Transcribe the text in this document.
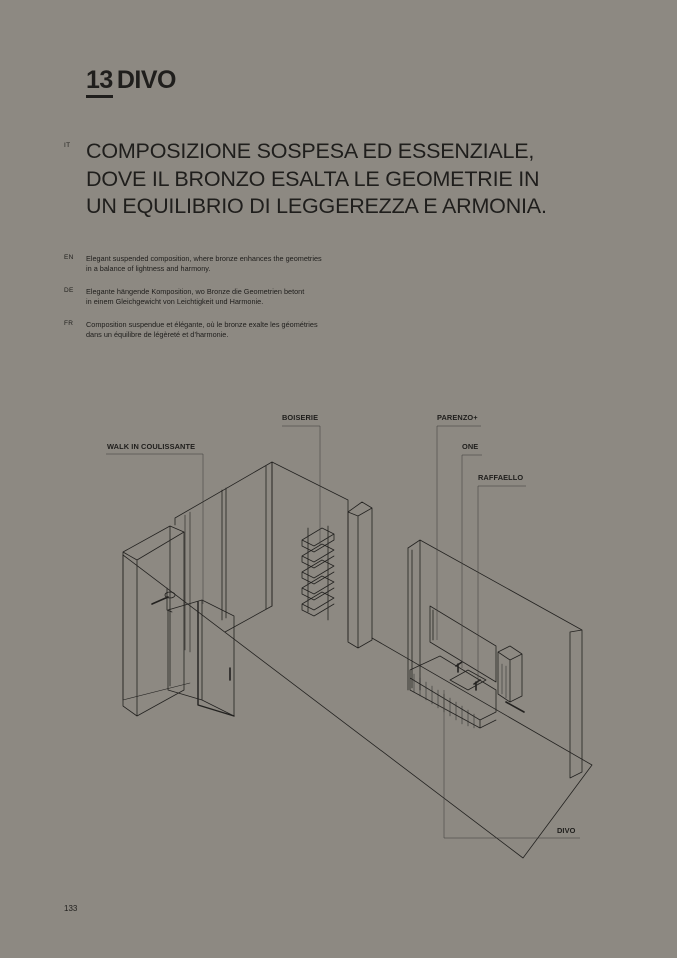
13 DIVO
IT COMPOSIZIONE SOSPESA ED ESSENZIALE, DOVE IL BRONZO ESALTA LE GEOMETRIE IN UN EQUILIBRIO DI LEGGEREZZA E ARMONIA.
EN Elegant suspended composition, where bronze enhances the geometries
in a balance of lightness and harmony.

DE Elegante hängende Komposition, wo Bronze die Geometrien betont
in einem Gleichgewicht von Leichtigkeit und Harmonie.

FR Composition suspendue et élégante, où le bronze exalte les géométries
dans un équilibre de légèreté et d’harmonie.

BOISERIE	PARENZO+
WALK IN COULISSANTE	ONE
RAFFAELLO
DIVO
133
